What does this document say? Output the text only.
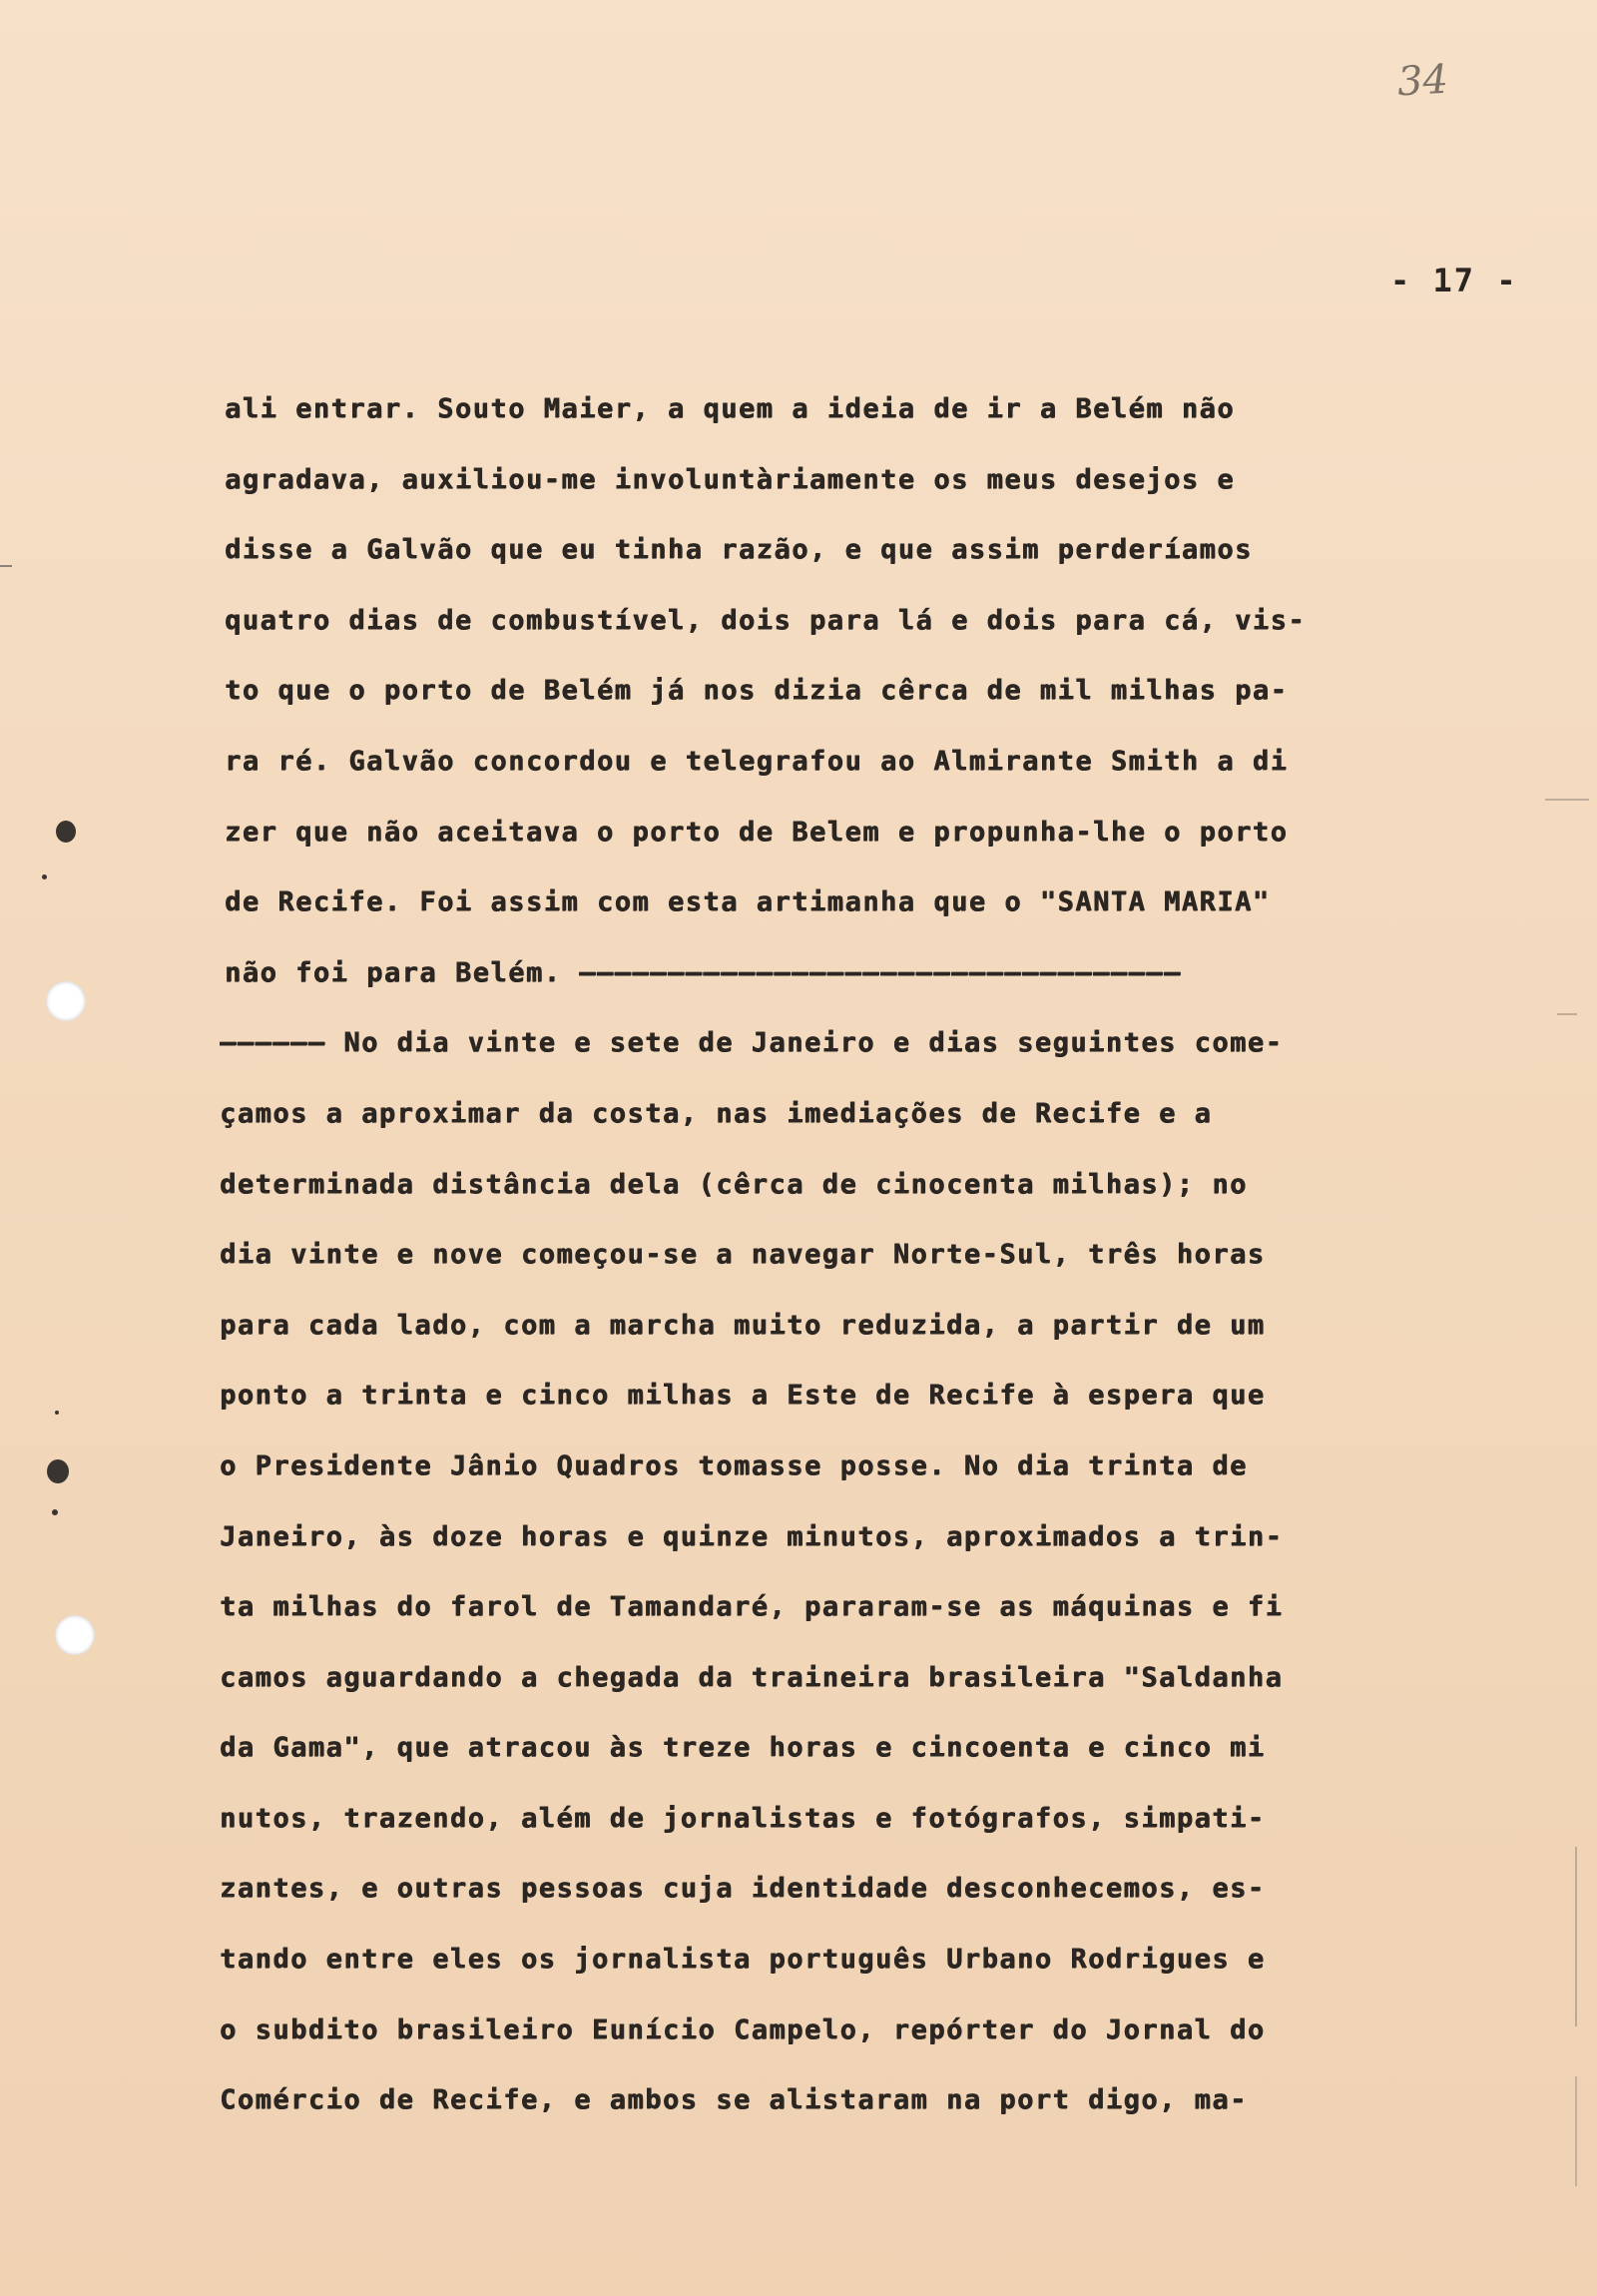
34
- 17 -
ali entrar. Souto Maier, a quem a ideia de ir a Belém não
agradava, auxiliou-me involuntàriamente os meus desejos e
disse a Galvão que eu tinha razão, e que assim perderíamos
quatro dias de combustível, dois para lá e dois para cá, vis-
to que o porto de Belém já nos dizia cêrca de mil milhas pa-
ra ré. Galvão concordou e telegrafou ao Almirante Smith a di
zer que não aceitava o porto de Belem e propunha-lhe o porto
de Recife. Foi assim com esta artimanha que o "SANTA MARIA"
não foi para Belém. ——————————————————————————————————
—————— No dia vinte e sete de Janeiro e dias seguintes come-
çamos a aproximar da costa, nas imediações de Recife e a
determinada distância dela (cêrca de cinocenta milhas); no
dia vinte e nove começou-se a navegar Norte-Sul, três horas
para cada lado, com a marcha muito reduzida, a partir de um
ponto a trinta e cinco milhas a Este de Recife à espera que
o Presidente Jânio Quadros tomasse posse. No dia trinta de
Janeiro, às doze horas e quinze minutos, aproximados a trin-
ta milhas do farol de Tamandaré, pararam-se as máquinas e fi
camos aguardando a chegada da traineira brasileira "Saldanha
da Gama", que atracou às treze horas e cincoenta e cinco mi
nutos, trazendo, além de jornalistas e fotógrafos, simpati-
zantes, e outras pessoas cuja identidade desconhecemos, es-
tando entre eles os jornalista português Urbano Rodrigues e
o subdito brasileiro Eunício Campelo, repórter do Jornal do
Comércio de Recife, e ambos se alistaram na port digo, ma-
